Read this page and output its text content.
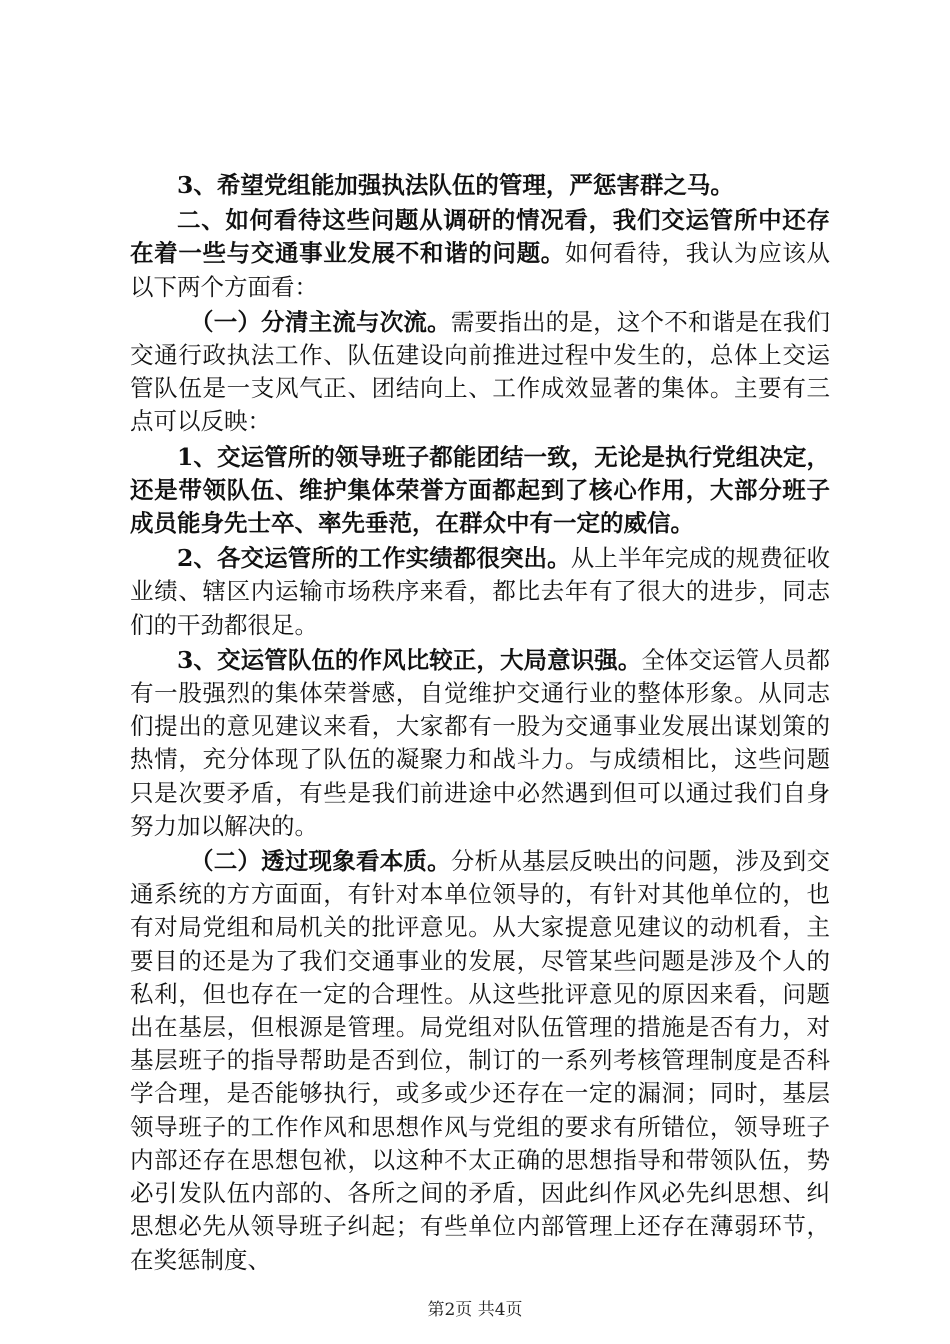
3、希望党组能加强执法队伍的管理，严惩害群之马。

二、如何看待这些问题从调研的情况看，我们交运管所中还存在着一些与交通事业发展不和谐的问题。如何看待，我认为应该从以下两个方面看：

（一）分清主流与次流。需要指出的是，这个不和谐是在我们交通行政执法工作、队伍建设向前推进过程中发生的，总体上交运管队伍是一支风气正、团结向上、工作成效显著的集体。主要有三点可以反映：

1、交运管所的领导班子都能团结一致，无论是执行党组决定，还是带领队伍、维护集体荣誉方面都起到了核心作用，大部分班子成员能身先士卒、率先垂范，在群众中有一定的威信。

2、各交运管所的工作实绩都很突出。从上半年完成的规费征收业绩、辖区内运输市场秩序来看，都比去年有了很大的进步，同志们的干劲都很足。

3、交运管队伍的作风比较正，大局意识强。全体交运管人员都有一股强烈的集体荣誉感，自觉维护交通行业的整体形象。从同志们提出的意见建议来看，大家都有一股为交通事业发展出谋划策的热情，充分体现了队伍的凝聚力和战斗力。与成绩相比，这些问题只是次要矛盾，有些是我们前进途中必然遇到但可以通过我们自身努力加以解决的。

（二）透过现象看本质。分析从基层反映出的问题，涉及到交通系统的方方面面，有针对本单位领导的，有针对其他单位的，也有对局党组和局机关的批评意见。从大家提意见建议的动机看，主要目的还是为了我们交通事业的发展，尽管某些问题是涉及个人的私利，但也存在一定的合理性。从这些批评意见的原因来看，问题出在基层，但根源是管理。局党组对队伍管理的措施是否有力，对基层班子的指导帮助是否到位，制订的一系列考核管理制度是否科学合理，是否能够执行，或多或少还存在一定的漏洞；同时，基层领导班子的工作作风和思想作风与党组的要求有所错位，领导班子内部还存在思想包袱，以这种不太正确的思想指导和带领队伍，势必引发队伍内部的、各所之间的矛盾，因此纠作风必先纠思想、纠思想必先从领导班子纠起；有些单位内部管理上还存在薄弱环节，在奖惩制度、

第2页 共4页
